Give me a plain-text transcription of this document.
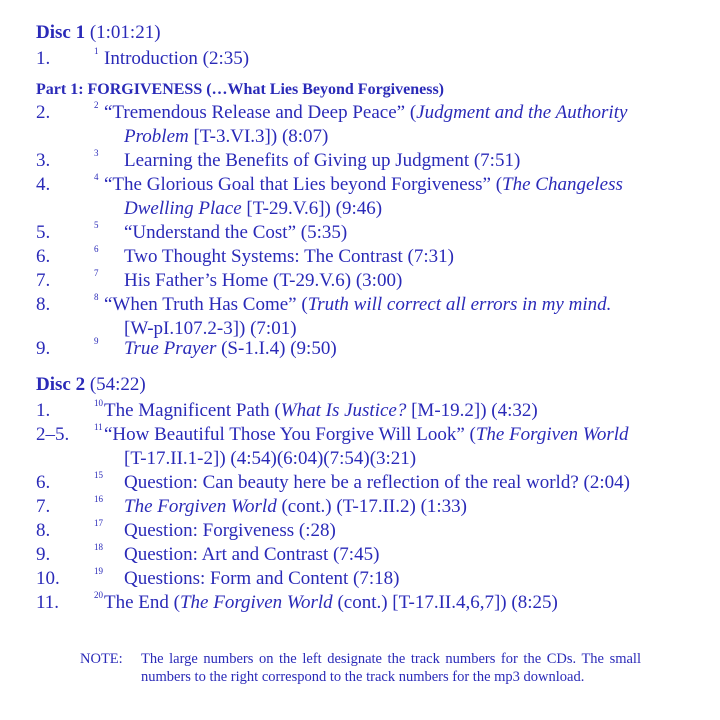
Disc 1 (1:01:21)
1.	1 Introduction (2:35)
Part 1: FORGIVENESS (…What Lies Beyond Forgiveness)
2.	2 “Tremendous Release and Deep Peace” (Judgment and the Authority
Problem [T-3.VI.3]) (8:07)
3.	3 Learning the Benefits of Giving up Judgment (7:51)
4.	4 “The Glorious Goal that Lies beyond Forgiveness” (The Changeless
Dwelling Place [T-29.V.6]) (9:46)
5.	5 “Understand the Cost” (5:35)
6.	6 Two Thought Systems: The Contrast (7:31)
7.	7 His Father’s Home (T-29.V.6) (3:00)
8.	8 “When Truth Has Come” (Truth will correct all errors in my mind.
[W-pI.107.2-3]) (7:01)
9.	9 True Prayer (S-1.I.4) (9:50)
Disc 2 (54:22)
1.	10 The Magnificent Path (What Is Justice? [M-19.2]) (4:32)
2–5.	11 “How Beautiful Those You Forgive Will Look” (The Forgiven World
[T-17.II.1-2]) (4:54)(6:04)(7:54)(3:21)
6.	15 Question: Can beauty here be a reflection of the real world? (2:04)
7.	16 The Forgiven World (cont.) (T-17.II.2) (1:33)
8.	17 Question: Forgiveness (:28)
9.	18 Question: Art and Contrast (7:45)
10.	19 Questions: Form and Content (7:18)
11.	20 The End (The Forgiven World (cont.) [T-17.II.4,6,7]) (8:25)
NOTE: The large numbers on the left designate the track numbers for the CDs. The small numbers to the right correspond to the track numbers for the mp3 download.
